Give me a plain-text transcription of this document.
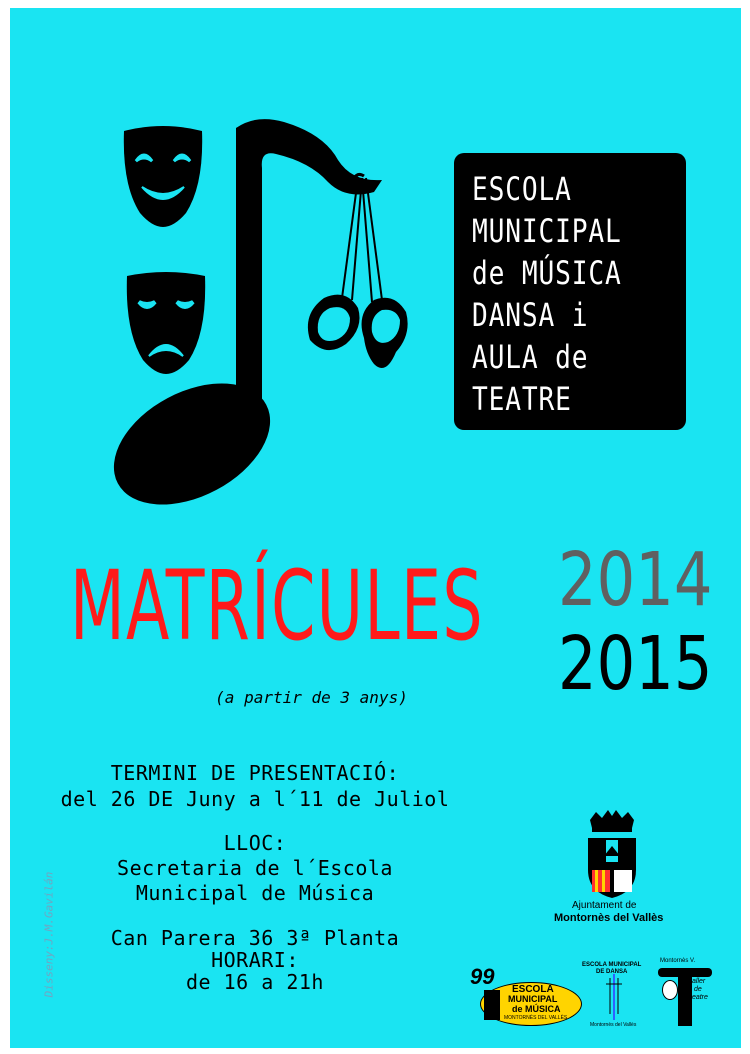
ESCOLA
MUNICIPAL
de MÚSICA
DANSA i
AULA de
TEATRE
MATRÍCULES
(a partir de 3 anys)
2014
2015
TERMINI DE PRESENTACIÓ:
del 26 DE Juny a l´11 de Juliol
LLOC:
Secretaria de l´Escola
Municipal de Música
Can Parera 36 3ª Planta
HORARI:
de 16 a 21h
Disseny:J.M.Gavilán	Ajuntament de
Montornès del Vallès
99
ESCOLA
MUNICIPAL
de MÚSICA
MONTORNÈS DEL VALLÈS
ESCOLA MUNICIPAL
DE DANSA
Montornès del Vallès
Montornès V.
aller
de
teatre
